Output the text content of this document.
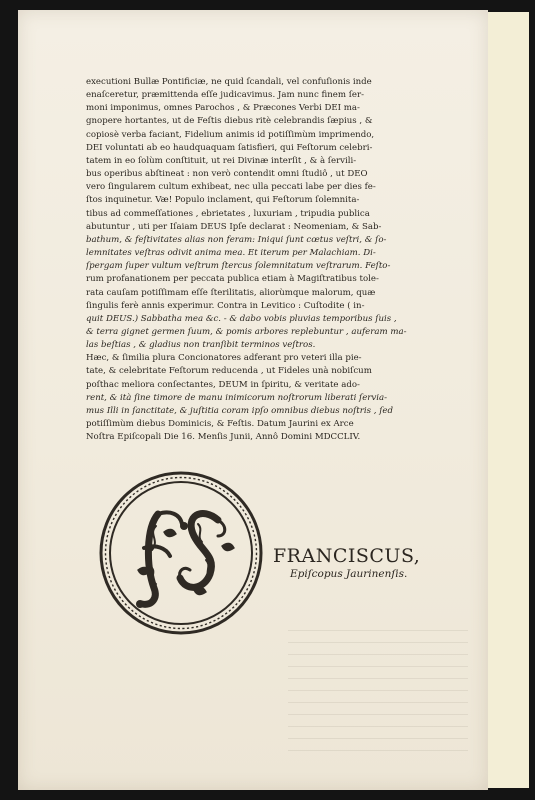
executioni Bullæ Pontificiæ, ne quid ſcandali, vel confuſionis inde
enaſceretur, præmittenda eſſe judicavimus. Jam nunc finem ſer-
moni imponimus, omnes Parochos , & Præcones Verbi DEI ma-
gnopere hortantes, ut de Feſtis diebus ritè celebrandis ſæpius , &
copiosè verba faciant, Fidelium animis id potiſſimùm imprimendo,
DEI voluntati ab eo haudquaquam ſatisfieri, qui Feſtorum celebri-
tatem in eo ſolùm conſtituit, ut rei Divinæ interſit , & à ſervili-
bus operibus abſtineat : non verò contendit omni ſtudiô , ut DEO
vero ſingularem cultum exhibeat, nec ulla peccati labe per dies fe-
ſtos inquinetur. Væ! Populo inclament, qui Feſtorum ſolemnita-
tibus ad commeſſationes , ebrietates , luxuriam , tripudia publica
abutuntur , uti per Iſaiam DEUS Ipſe declarat : Neomeniam, & Sab-
bathum, & feſtivitates alias non feram: Iniqui ſunt cœtus veſtri, & ſo-
lemnitates veſtras odivit anima mea. Et iterum per Malachiam. Di-
ſpergam ſuper vultum veſtrum ſtercus ſolemnitatum veſtrarum. Feſto-
rum profanationem per peccata publica etiam à Magiſtratibus tole-
rata cauſam potiſſimam eſſe ſterilitatis, aliorùmque malorum, quæ
ſingulis ferè annis experimur. Contra in Levitico : Cuſtodite ( in-
quit DEUS.) Sabbatha mea &c. - & dabo vobis pluvias temporibus ſuis ,
& terra gignet germen ſuum, & pomis arbores replebuntur , auferam ma-
las beſtias , & gladius non tranſibit terminos veſtros.
Hæc, & ſimilia plura Concionatores adferant pro veteri illa pie-
tate, & celebritate Feſtorum reducenda , ut Fideles unà nobiſcum
poſthac meliora conſectantes, DEUM in ſpiritu, & veritate ado-
rent, & ità ſine timore de manu inimicorum noſtrorum liberati ſervia-
mus Illi in ſanctitate, & juſtitia coram ipſo omnibus diebus noſtris , ſed
potiſſimùm diebus Dominicis, & Feſtis. Datum Jaurini ex Arce
Noſtra Epiſcopali Die 16. Menſis Junii, Annô Domini MDCCLIV.
FRANCISCUS,
Epiſcopus Jaurinenſis.
